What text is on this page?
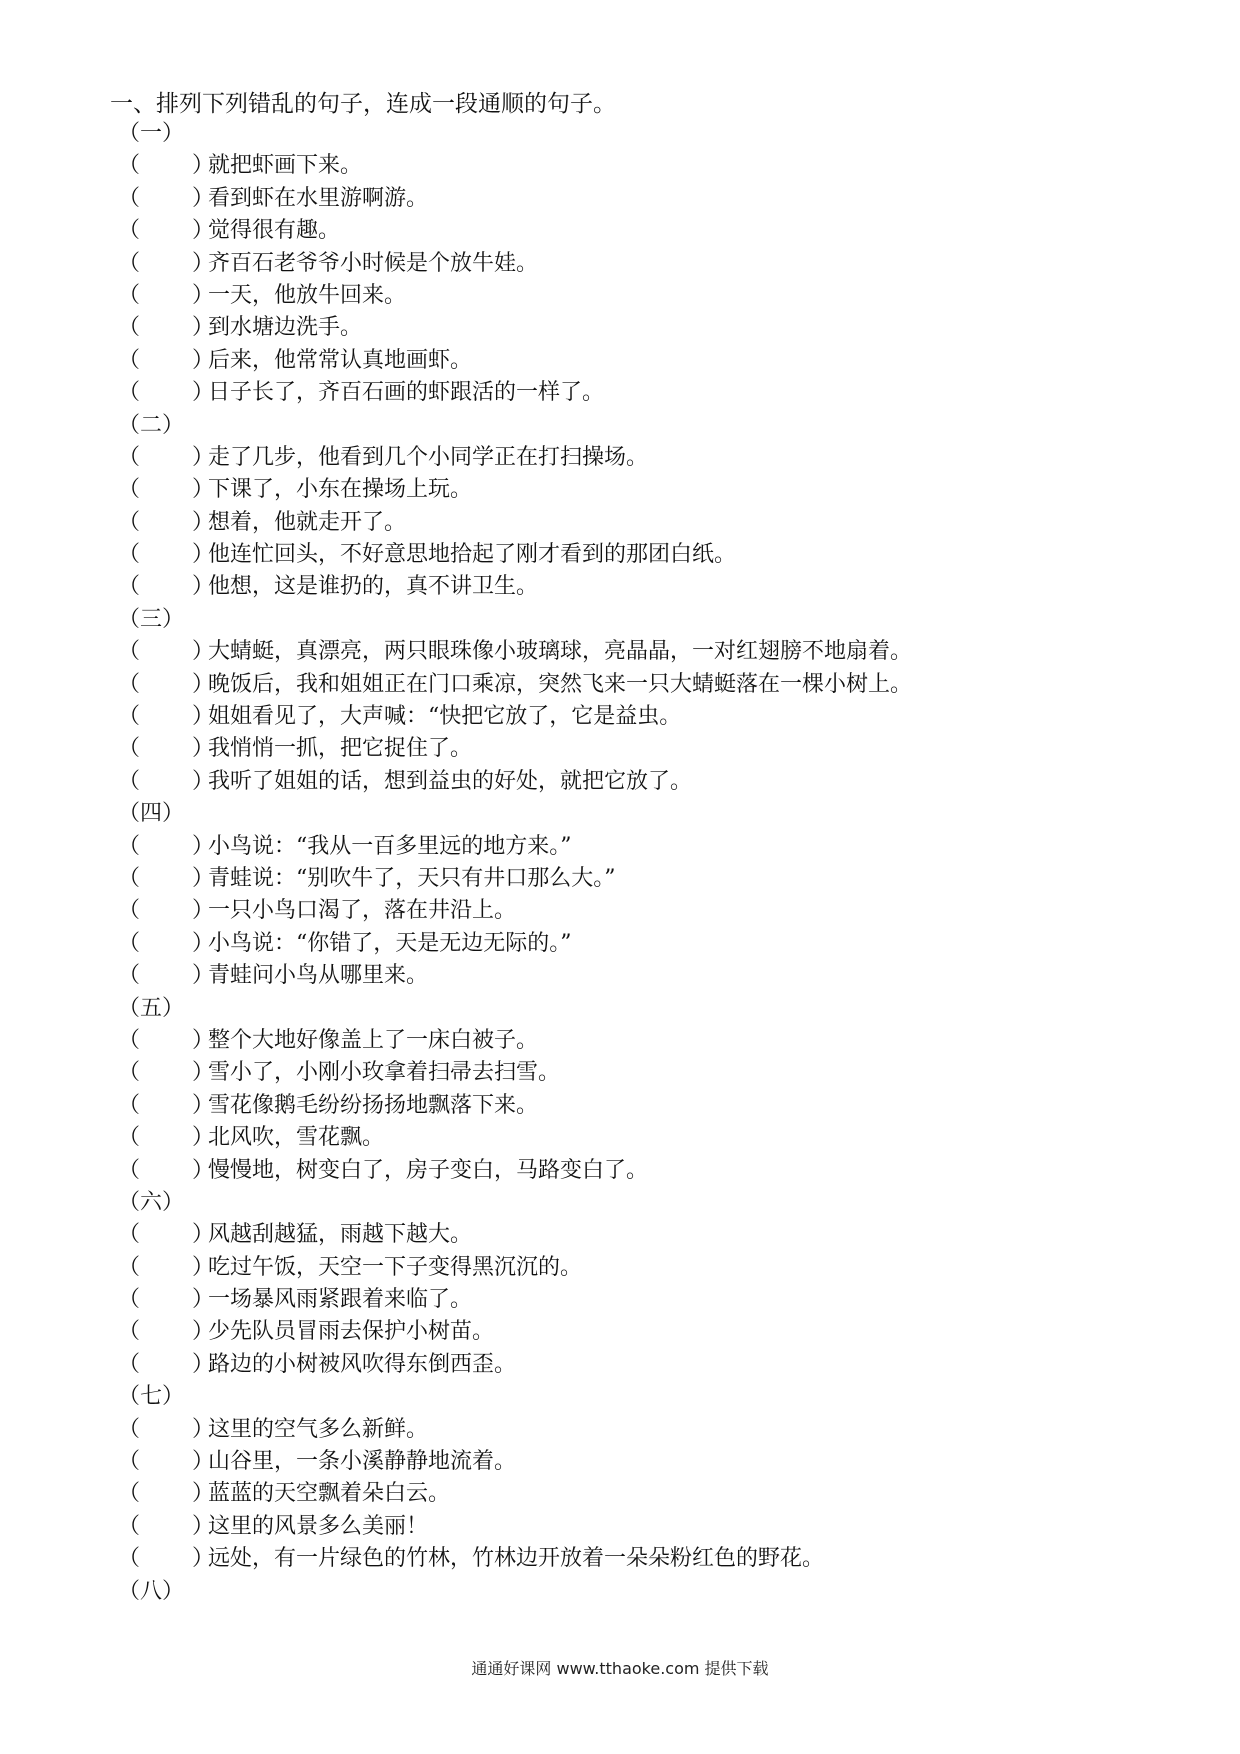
一、排列下列错乱的句子，连成一段通顺的句子。
（一）
（ ）
就把虾画下来。
（ ）
看到虾在水里游啊游。
（ ）
觉得很有趣。
（ ）
齐百石老爷爷小时候是个放牛娃。
（ ）
一天，他放牛回来。
（ ）
到水塘边洗手。
（ ）
后来，他常常认真地画虾。
（ ）
日子长了，齐百石画的虾跟活的一样了。
（二）
（ ）
走了几步，他看到几个小同学正在打扫操场。
（ ）
下课了，小东在操场上玩。
（ ）
想着，他就走开了。
（ ）
他连忙回头，不好意思地拾起了刚才看到的那团白纸。
（ ）
他想，这是谁扔的，真不讲卫生。
（三）
（ ）
大蜻蜓，真漂亮，两只眼珠像小玻璃球，亮晶晶，一对红翅膀不地扇着。
（ ）
晚饭后，我和姐姐正在门口乘凉，突然飞来一只大蜻蜓落在一棵小树上。
（ ）
姐姐看见了，大声喊：“快把它放了，它是益虫。
（ ）
我悄悄一抓，把它捉住了。
（ ）
我听了姐姐的话，想到益虫的好处，就把它放了。
（四）
（ ）
小鸟说：“我从一百多里远的地方来。”
（ ）
青蛙说：“别吹牛了，天只有井口那么大。”
（ ）
一只小鸟口渴了，落在井沿上。
（ ）
小鸟说：“你错了，天是无边无际的。”
（ ）
青蛙问小鸟从哪里来。
（五）
（ ）
整个大地好像盖上了一床白被子。
（ ）
雪小了，小刚小玫拿着扫帚去扫雪。
（ ）
雪花像鹅毛纷纷扬扬地飘落下来。
（ ）
北风吹，雪花飘。
（ ）
慢慢地，树变白了，房子变白，马路变白了。
（六）
（ ）
风越刮越猛，雨越下越大。
（ ）
吃过午饭，天空一下子变得黑沉沉的。
（ ）
一场暴风雨紧跟着来临了。
（ ）
少先队员冒雨去保护小树苗。
（ ）
路边的小树被风吹得东倒西歪。
（七）
（ ）
这里的空气多么新鲜。
（ ）
山谷里，一条小溪静静地流着。
（ ）
蓝蓝的天空飘着朵白云。
（ ）
这里的风景多么美丽！
（ ）
远处，有一片绿色的竹林，竹林边开放着一朵朵粉红色的野花。
（八）
通通好课网 www.tthaoke.com 提供下载
